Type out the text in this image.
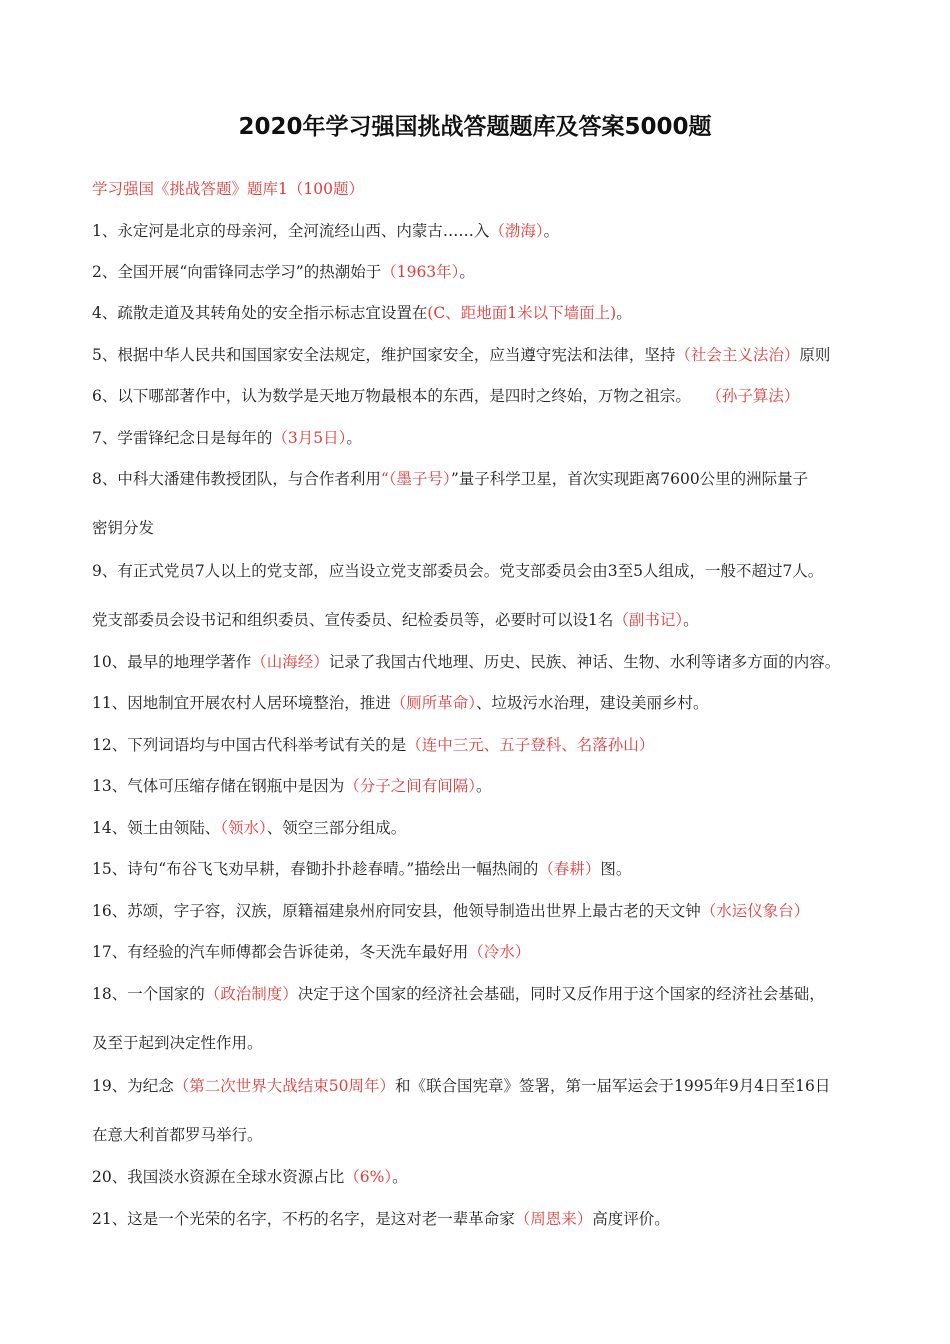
2020年学习强国挑战答题题库及答案5000题
学习强国《挑战答题》题库1（100题）
1、永定河是北京的母亲河，全河流经山西、内蒙古……入（渤海）。
2、全国开展“向雷锋同志学习”的热潮始于（1963年）。
4、疏散走道及其转角处的安全指示标志宜设置在(C、距地面1米以下墙面上)。
5、根据中华人民共和国国家安全法规定，维护国家安全，应当遵守宪法和法律，坚持（社会主义法治）原则
6、以下哪部著作中，认为数学是天地万物最根本的东西，是四时之终始，万物之祖宗。　　（孙子算法）
7、学雷锋纪念日是每年的（3月5日）。
8、中科大潘建伟教授团队，与合作者利用“（墨子号）”量子科学卫星，首次实现距离7600公里的洲际量子
密钥分发
9、有正式党员7人以上的党支部，应当设立党支部委员会。党支部委员会由3至5人组成，一般不超过7人。
党支部委员会设书记和组织委员、宣传委员、纪检委员等，必要时可以设1名（副书记）。
10、最早的地理学著作（山海经）记录了我国古代地理、历史、民族、神话、生物、水利等诸多方面的内容。
11、因地制宜开展农村人居环境整治，推进（厕所革命）、垃圾污水治理，建设美丽乡村。
12、下列词语均与中国古代科举考试有关的是（连中三元、五子登科、名落孙山）
13、气体可压缩存储在钢瓶中是因为（分子之间有间隔）。
14、领土由领陆、（领水）、领空三部分组成。
15、诗句“布谷飞飞劝早耕，春锄扑扑趁春晴。”描绘出一幅热闹的（春耕）图。
16、苏颂，字子容，汉族，原籍福建泉州府同安县，他领导制造出世界上最古老的天文钟（水运仪象台）
17、有经验的汽车师傅都会告诉徒弟，冬天洗车最好用（冷水）
18、一个国家的（政治制度）决定于这个国家的经济社会基础，同时又反作用于这个国家的经济社会基础，
及至于起到决定性作用。
19、为纪念（第二次世界大战结束50周年）和《联合国宪章》签署，第一届军运会于1995年9月4日至16日
在意大利首都罗马举行。
20、我国淡水资源在全球水资源占比（6%）。
21、这是一个光荣的名字，不朽的名字，是这对老一辈革命家（周恩来）高度评价。
